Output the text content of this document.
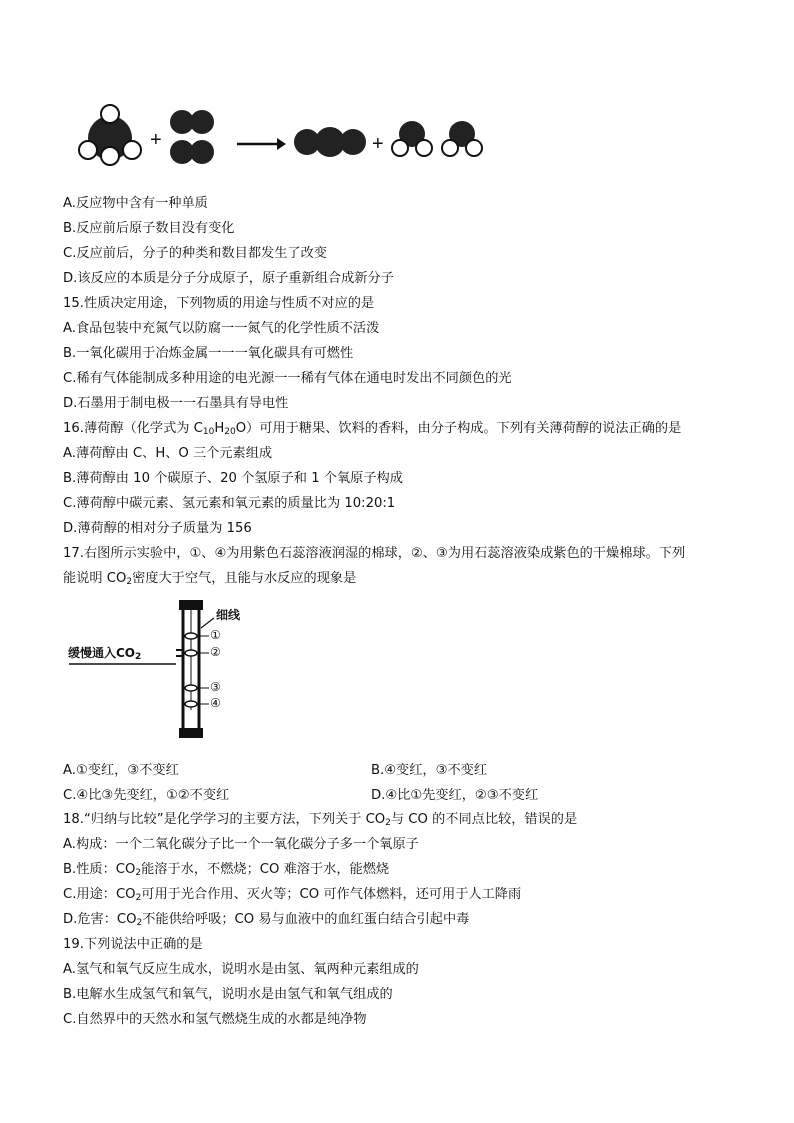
+	+
A.反应物中含有一种单质
B.反应前后原子数目没有变化
C.反应前后，分子的种类和数目都发生了改变
D.该反应的本质是分子分成原子，原子重新组合成新分子
15.性质决定用途，下列物质的用途与性质不对应的是
A.食品包装中充氮气以防腐一一氮气的化学性质不活泼
B.一氧化碳用于冶炼金属一一一氧化碳具有可燃性
C.稀有气体能制成多种用途的电光源一一稀有气体在通电时发出不同颜色的光
D.石墨用于制电极一一石墨具有导电性
16.薄荷醇（化学式为 $C_{10}H_{20}O$）可用于糖果、饮料的香料，由分子构成。下列有关薄荷醇的说法正确的是
A.薄荷醇由 C、H、O 三个元素组成
B.薄荷醇由 10 个碳原子、20 个氢原子和 1 个氧原子构成
C.薄荷醇中碳元素、氢元素和氧元素的质量比为 10:20:1
D.薄荷醇的相对分子质量为 156
17.右图所示实验中，①、④为用紫色石蕊溶液润湿的棉球，②、③为用石蕊溶液染成紫色的干燥棉球。下列
能说明 $CO_2$密度大于空气，且能与水反应的现象是
缓慢通入$CO_2$
细线
①
②
③
④
A.①变红，③不变红	B.④变红，③不变红
C.④比③先变红，①②不变红	D.④比①先变红，②③不变红
18.“归纳与比较”是化学学习的主要方法，下列关于 $CO_2$与 CO 的不同点比较，错误的是
A.构成：一个二氧化碳分子比一个一氧化碳分子多一个氧原子
B.性质：$CO_2$能溶于水，不燃烧；CO 难溶于水，能燃烧
C.用途：$CO_2$可用于光合作用、灭火等；CO 可作气体燃料，还可用于人工降雨
D.危害：$CO_2$不能供给呼吸；CO 易与血液中的血红蛋白结合引起中毒
19.下列说法中正确的是
A.氢气和氧气反应生成水，说明水是由氢、氧两种元素组成的
B.电解水生成氢气和氧气，说明水是由氢气和氧气组成的
C.自然界中的天然水和氢气燃烧生成的水都是纯净物
